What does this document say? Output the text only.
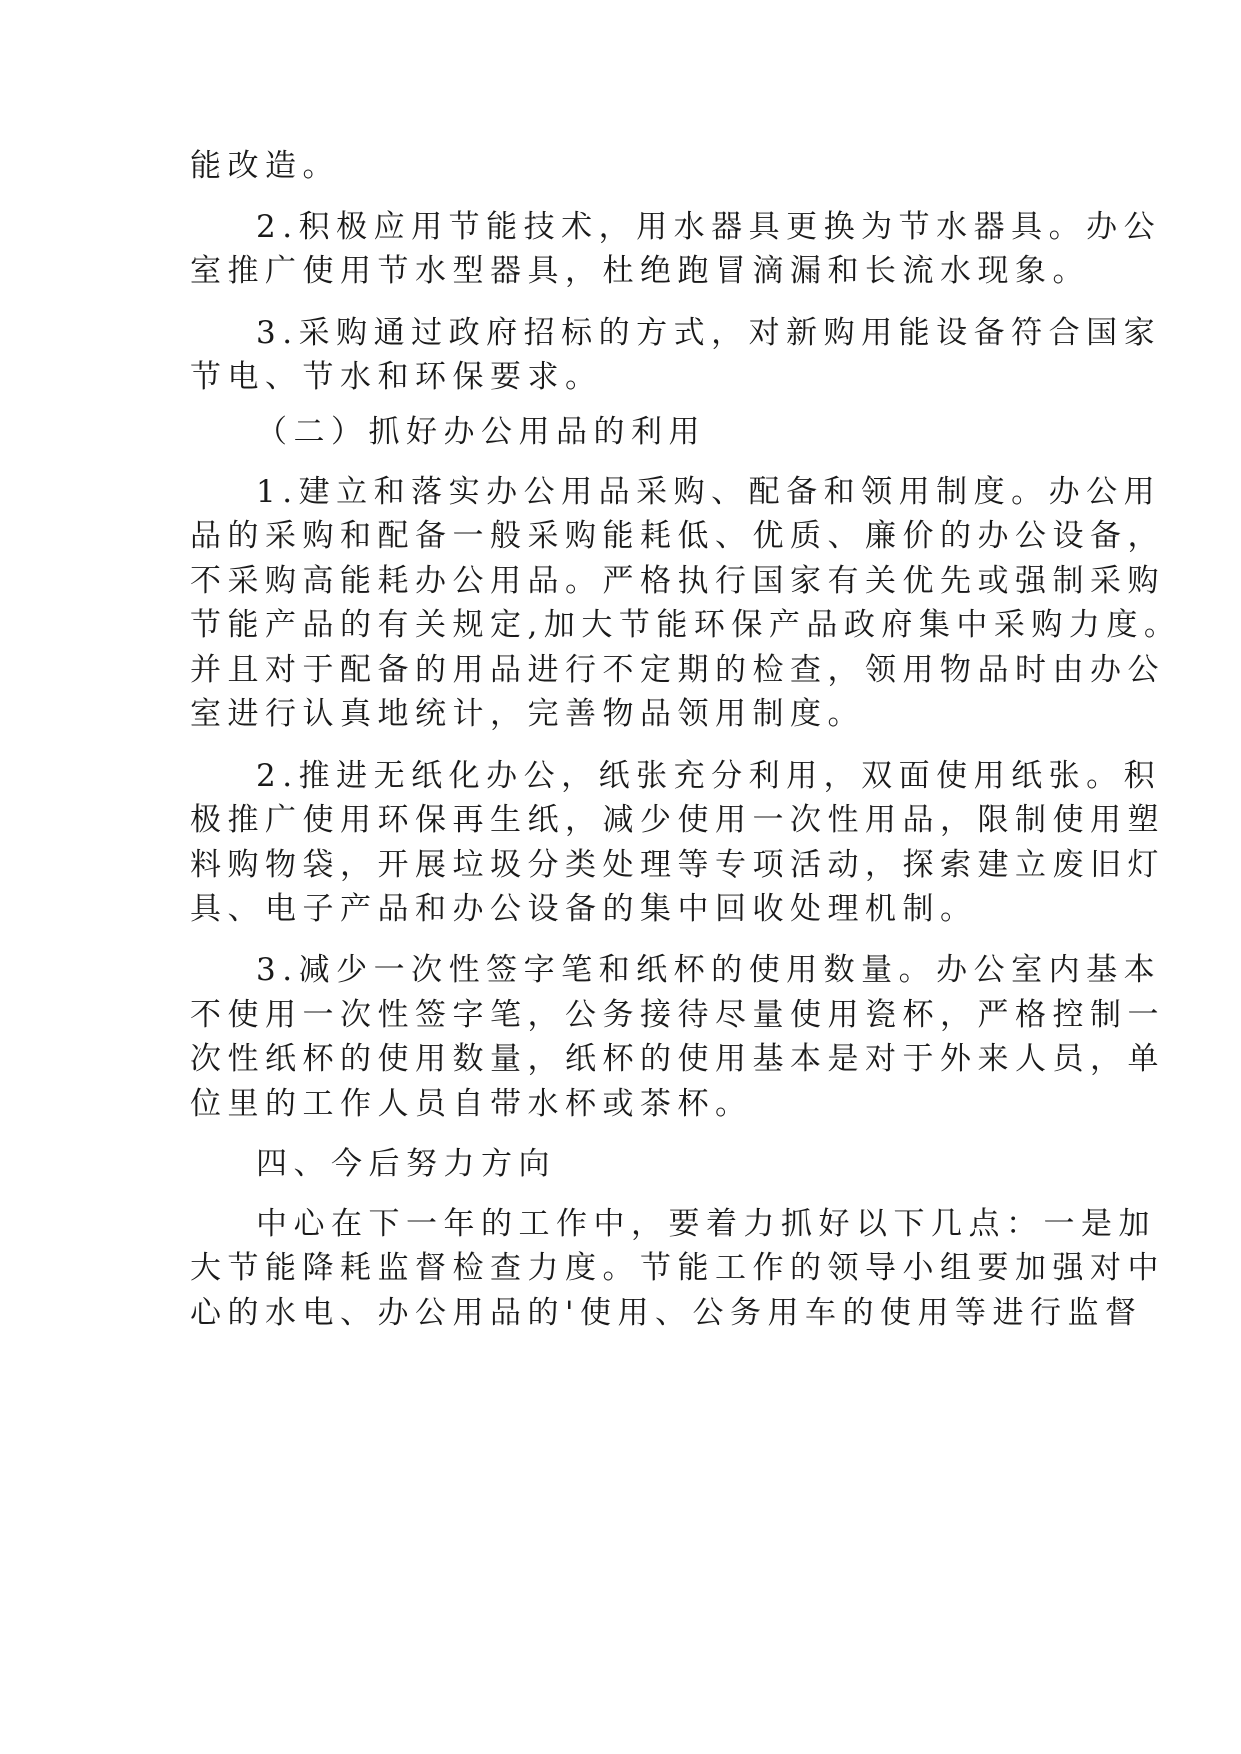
能改造。
2.积极应用节能技术，用水器具更换为节水器具。办公
室推广使用节水型器具，杜绝跑冒滴漏和长流水现象。
3.采购通过政府招标的方式，对新购用能设备符合国家
节电、节水和环保要求。
（二）抓好办公用品的利用
1.建立和落实办公用品采购、配备和领用制度。办公用
品的采购和配备一般采购能耗低、优质、廉价的办公设备，
不采购高能耗办公用品。严格执行国家有关优先或强制采购
节能产品的有关规定,加大节能环保产品政府集中采购力度。
并且对于配备的用品进行不定期的检查，领用物品时由办公
室进行认真地统计，完善物品领用制度。
2.推进无纸化办公，纸张充分利用，双面使用纸张。积
极推广使用环保再生纸，减少使用一次性用品，限制使用塑
料购物袋，开展垃圾分类处理等专项活动，探索建立废旧灯
具、电子产品和办公设备的集中回收处理机制。
3.减少一次性签字笔和纸杯的使用数量。办公室内基本
不使用一次性签字笔，公务接待尽量使用瓷杯，严格控制一
次性纸杯的使用数量，纸杯的使用基本是对于外来人员，单
位里的工作人员自带水杯或茶杯。
四、今后努力方向
中心在下一年的工作中，要着力抓好以下几点：一是加
大节能降耗监督检查力度。节能工作的领导小组要加强对中
心的水电、办公用品的'使用、公务用车的使用等进行监督
